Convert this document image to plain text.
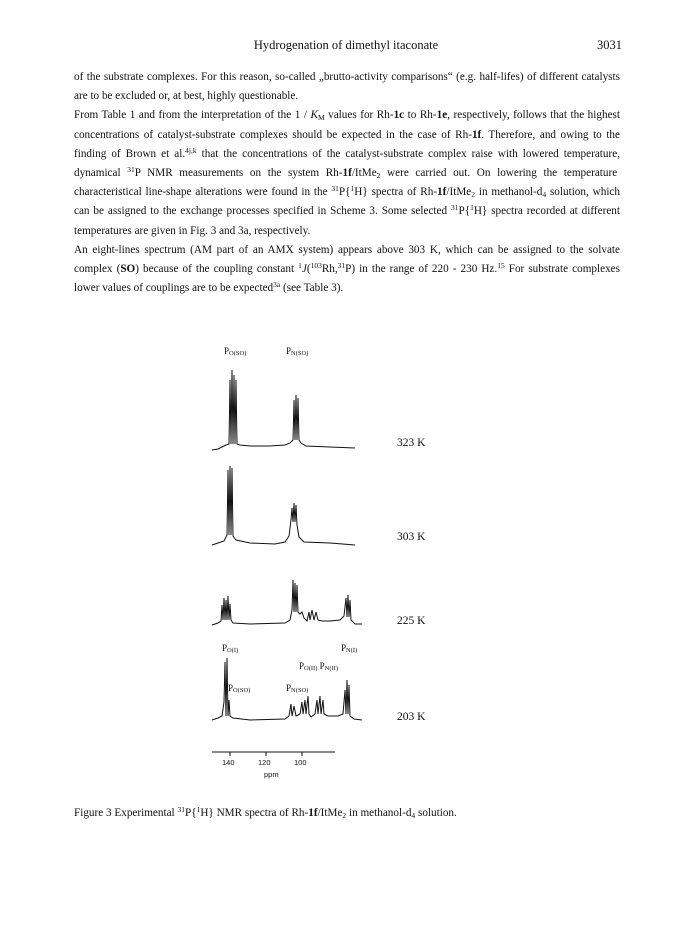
Hydrogenation of dimethyl itaconate	3031

of the substrate complexes. For this reason, so-called „brutto-activity comparisons“ (e.g. half-lifes) of different catalysts are to be excluded or, at best, highly questionable.

From Table 1 and from the interpretation of the $1 / K_M$ values for Rh-1c to Rh-1e, respectively, follows that the highest concentrations of catalyst-substrate complexes should be expected in the case of Rh-1f. Therefore, and owing to the finding of Brown et al.$^{4j,k}$ that the concentrations of the catalyst-substrate complex raise with lowered temperature, dynamical $^{31}$P NMR measurements on the system Rh-1f/ItMe$_2$ were carried out. On lowering the temperature  characteristical line-shape alterations were found in the $^{31}$P{$^1$H} spectra of Rh-1f/ItMe$_2$ in methanol-$d_4$ solution, which can be assigned to the exchange processes specified in Scheme 3. Some selected $^{31}$P{$^1$H} spectra recorded at different temperatures are given in Fig. 3 and 3a, respectively.

An eight-lines spectrum (AM part of an AMX system) appears above 303 K, which can be assigned to the solvate complex (SO) because of the coupling constant $^1$J($^{103}$Rh,$^{31}$P) in the range of 220 - 230 Hz.$^{15}$ For substrate complexes lower values of couplings are to be expected$^{3a}$ (see Table 3).

$P_{O(SO)}$	$P_{N(SO)}$
$P_{O(I)}$	$P_{N(I)}$
$P_{O(II)}$ $P_{N(II)}$
$P_{O(SO)}$	$P_{N(SO)}$
323 K
303 K
225 K
203 K
140	120	100
ppm
Figure 3 Experimental $^{31}$P{$^1$H} NMR spectra of Rh-1f/ItMe$_2$ in methanol-$d_4$ solution.
